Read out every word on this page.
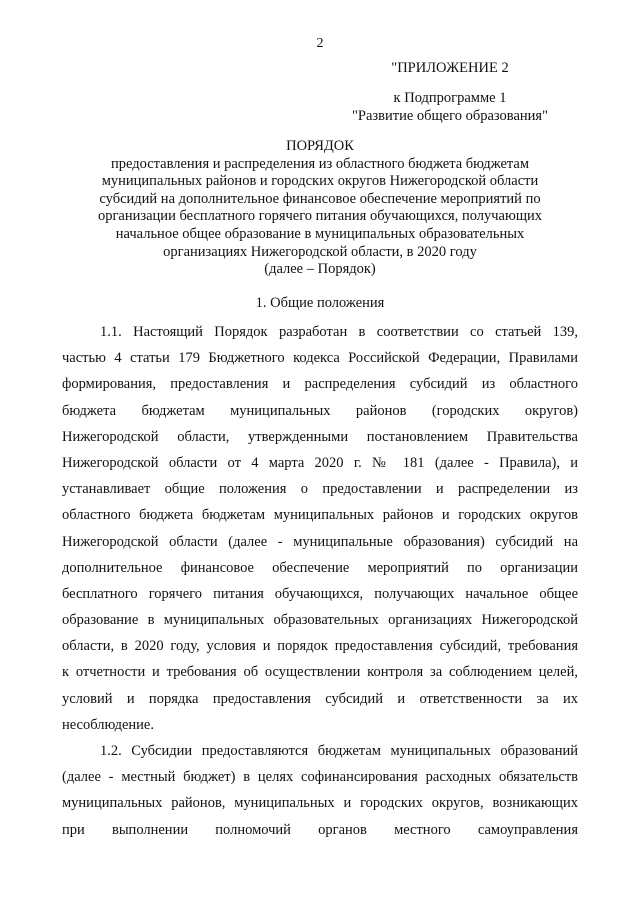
2
"ПРИЛОЖЕНИЕ 2
к Подпрограмме 1
"Развитие общего образования"
ПОРЯДОК
предоставления и распределения из областного бюджета бюджетам
муниципальных районов и городских округов Нижегородской области
субсидий на дополнительное финансовое обеспечение мероприятий по
организации бесплатного горячего питания обучающихся, получающих
начальное общее образование в муниципальных образовательных
организациях Нижегородской области, в 2020 году
(далее – Порядок)
1. Общие положения
1.1. Настоящий Порядок разработан в соответствии со статьей 139,
частью 4 статьи 179 Бюджетного кодекса Российской Федерации, Правилами
формирования, предоставления и распределения субсидий из областного
бюджета бюджетам муниципальных районов (городских округов)
Нижегородской области, утвержденными постановлением Правительства
Нижегородской области от 4 марта 2020 г. № 181 (далее - Правила), и
устанавливает общие положения о предоставлении и распределении из
областного бюджета бюджетам муниципальных районов и городских округов
Нижегородской области (далее - муниципальные образования) субсидий на
дополнительное финансовое обеспечение мероприятий по организации
бесплатного горячего питания обучающихся, получающих начальное общее
образование в муниципальных образовательных организациях Нижегородской
области, в 2020 году, условия и порядок предоставления субсидий, требования
к отчетности и требования об осуществлении контроля за соблюдением целей,
условий и порядка предоставления субсидий и ответственности за их
несоблюдение.
1.2. Субсидии предоставляются бюджетам муниципальных образований
(далее - местный бюджет) в целях софинансирования расходных обязательств
муниципальных районов, муниципальных и городских округов, возникающих
при выполнении полномочий органов местного самоуправления
